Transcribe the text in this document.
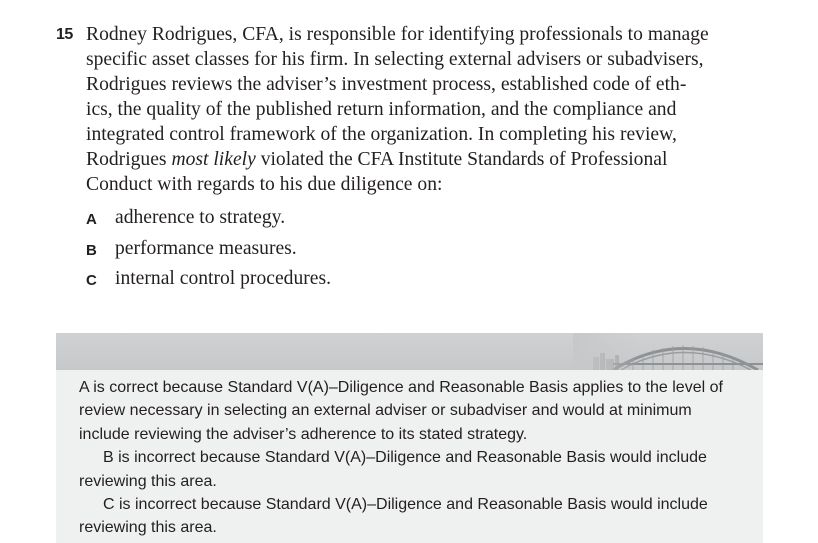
15 Rodney Rodrigues, CFA, is responsible for identifying professionals to manage
specific asset classes for his firm. In selecting external advisers or subadvisers,
Rodrigues reviews the adviser’s investment process, established code of eth-
ics, the quality of the published return information, and the compliance and
integrated control framework of the organization. In completing his review,
Rodrigues most likely violated the CFA Institute Standards of Professional
Conduct with regards to his due diligence on:
A adherence to strategy.
B performance measures.
C internal control procedures.
A is correct because Standard V(A)–Diligence and Reasonable Basis applies to the level of
review necessary in selecting an external adviser or subadviser and would at minimum
include reviewing the adviser’s adherence to its stated strategy.
B is incorrect because Standard V(A)–Diligence and Reasonable Basis would include
reviewing this area.
C is incorrect because Standard V(A)–Diligence and Reasonable Basis would include
reviewing this area.
